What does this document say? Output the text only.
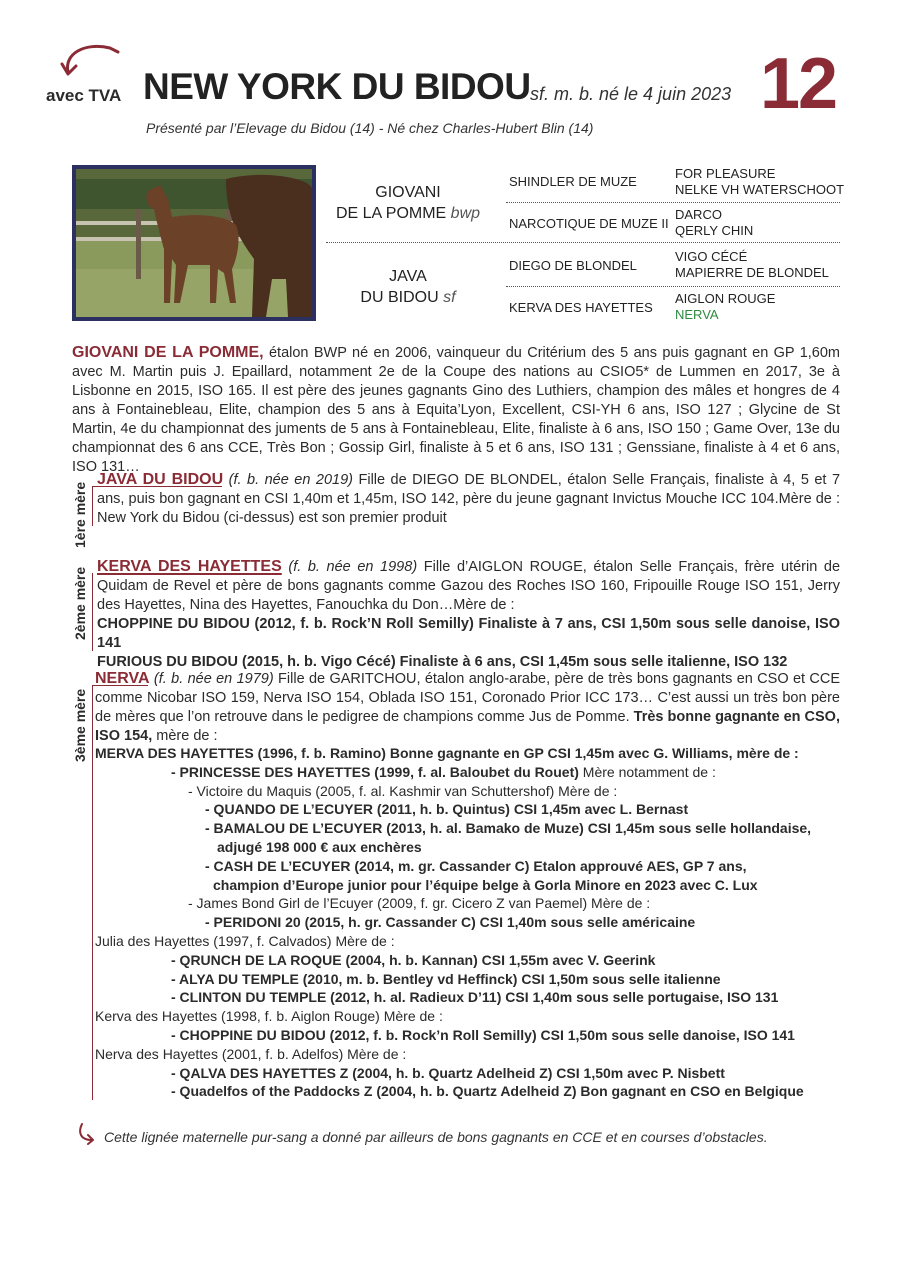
avec TVA NEW YORK DU BIDOU sf. m. b. né le 4 juin 2023 12
Présenté par l’Elevage du Bidou (14) - Né chez Charles-Hubert Blin (14)
GIOVANI
DE LA POMME bwp
JAVA
DU BIDOU sf
SHINDLER DE MUZE
NARCOTIQUE DE MUZE II
DIEGO DE BLONDEL
KERVA DES HAYETTES
FOR PLEASURE
NELKE VH WATERSCHOOT
DARCO
QERLY CHIN
VIGO CÉCÉ
MAPIERRE DE BLONDEL
AIGLON ROUGE
NERVA
GIOVANI DE LA POMME, étalon BWP né en 2006, vainqueur du Critérium des 5 ans puis gagnant en GP 1,60m avec M. Martin puis J. Epaillard, notamment 2e de la Coupe des nations au CSIO5* de Lummen en 2017, 3e à Lisbonne en 2015, ISO 165. Il est père des jeunes gagnants Gino des Luthiers, champion des mâles et hongres de 4 ans à Fontainebleau, Elite, champion des 5 ans à Equita’Lyon, Excellent, CSI-YH 6 ans, ISO 127 ; Glycine de St Martin, 4e du championnat des juments de 5 ans à Fontainebleau, Elite, finaliste à 6 ans, ISO 150 ; Game Over, 13e du championnat des 6 ans CCE, Très Bon ; Gossip Girl, finaliste à 5 et 6 ans, ISO 131 ; Genssiane, finaliste à 4 et 6 ans, ISO 131…
1ère mère
JAVA DU BIDOU (f. b. née en 2019) Fille de DIEGO DE BLONDEL, étalon Selle Français, finaliste à 4, 5 et 7 ans, puis bon gagnant en CSI 1,40m et 1,45m, ISO 142, père du jeune gagnant Invictus Mouche ICC 104.Mère de : New York du Bidou (ci-dessus) est son premier produit
2ème mère
KERVA DES HAYETTES (f. b. née en 1998) Fille d’AIGLON ROUGE, étalon Selle Français, frère utérin de Quidam de Revel et père de bons gagnants comme Gazou des Roches ISO 160, Fripouille Rouge ISO 151, Jerry des Hayettes, Nina des Hayettes, Fanouchka du Don…Mère de :
CHOPPINE DU BIDOU (2012, f. b. Rock’N Roll Semilly) Finaliste à 7 ans, CSI 1,50m sous selle danoise, ISO 141
FURIOUS DU BIDOU (2015, h. b. Vigo Cécé) Finaliste à 6 ans, CSI 1,45m sous selle italienne, ISO 132
3ème mère
NERVA (f. b. née en 1979) Fille de GARITCHOU, étalon anglo-arabe, père de très bons gagnants en CSO et CCE comme Nicobar ISO 159, Nerva ISO 154, Oblada ISO 151, Coronado Prior ICC 173… C’est aussi un très bon père de mères que l’on retrouve dans le pedigree de champions comme Jus de Pomme. Très bonne gagnante en CSO, ISO 154, mère de :
MERVA DES HAYETTES (1996, f. b. Ramino) Bonne gagnante en GP CSI 1,45m avec G. Williams, mère de :
- PRINCESSE DES HAYETTES (1999, f. al. Baloubet du Rouet) Mère notamment de :
- Victoire du Maquis (2005, f. al. Kashmir van Schuttershof) Mère de :
- QUANDO DE L’ECUYER (2011, h. b. Quintus) CSI 1,45m avec L. Bernast
- BAMALOU DE L’ECUYER (2013, h. al. Bamako de Muze) CSI 1,45m sous selle hollandaise,
adjugé 198 000 € aux enchères
- CASH DE L’ECUYER (2014, m. gr. Cassander C) Etalon approuvé AES, GP 7 ans,
champion d’Europe junior pour l’équipe belge à Gorla Minore en 2023 avec C. Lux
- James Bond Girl de l’Ecuyer (2009, f. gr. Cicero Z van Paemel) Mère de :
- PERIDONI 20 (2015, h. gr. Cassander C) CSI 1,40m sous selle américaine
Julia des Hayettes (1997, f. Calvados) Mère de :
- QRUNCH DE LA ROQUE (2004, h. b. Kannan) CSI 1,55m avec V. Geerink
- ALYA DU TEMPLE (2010, m. b. Bentley vd Heffinck) CSI 1,50m sous selle italienne
- CLINTON DU TEMPLE (2012, h. al. Radieux D’11) CSI 1,40m sous selle portugaise, ISO 131
Kerva des Hayettes (1998, f. b. Aiglon Rouge) Mère de :
- CHOPPINE DU BIDOU (2012, f. b. Rock’n Roll Semilly) CSI 1,50m sous selle danoise, ISO 141
Nerva des Hayettes (2001, f. b. Adelfos) Mère de :
- QALVA DES HAYETTES Z (2004, h. b. Quartz Adelheid Z) CSI 1,50m avec P. Nisbett
- Quadelfos of the Paddocks Z (2004, h. b. Quartz Adelheid Z) Bon gagnant en CSO en Belgique
Cette lignée maternelle pur-sang a donné par ailleurs de bons gagnants en CCE et en courses d’obstacles.
